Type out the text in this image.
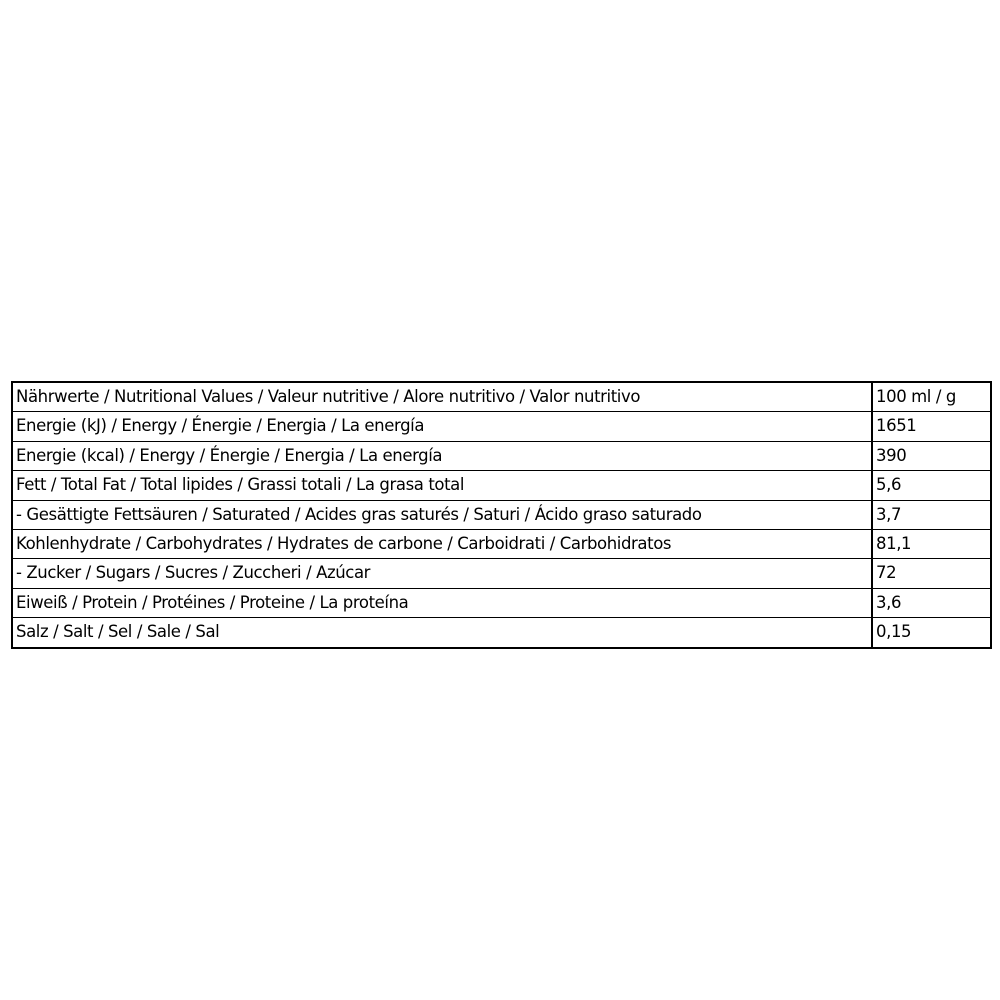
Nährwerte / Nutritional Values / Valeur nutritive / Alore nutritivo / Valor nutritivo	100 ml / g
Energie (kJ) / Energy / Énergie / Energia / La energía	1651
Energie (kcal) / Energy / Énergie / Energia / La energía	390
Fett / Total Fat / Total lipides / Grassi totali / La grasa total	5,6
- Gesättigte Fettsäuren / Saturated / Acides gras saturés / Saturi / Ácido graso saturado	3,7
Kohlenhydrate / Carbohydrates / Hydrates de carbone / Carboidrati / Carbohidratos	81,1
- Zucker / Sugars / Sucres / Zuccheri / Azúcar	72
Eiweiß / Protein / Protéines / Proteine / La proteína	3,6
Salz / Salt / Sel / Sale / Sal	0,15
